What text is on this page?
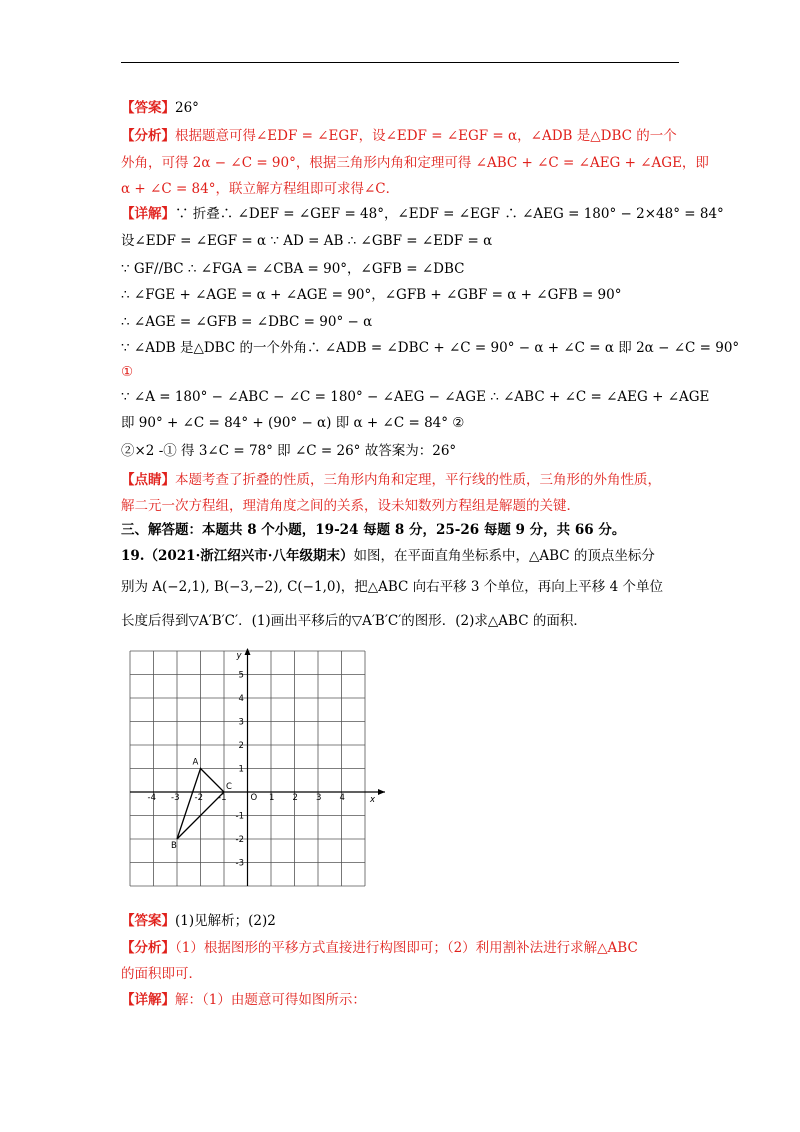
【答案】26°
【分析】根据题意可得∠EDF = ∠EGF，设∠EDF = ∠EGF = α，∠ADB 是△DBC 的一个
外角，可得 2α − ∠C = 90°，根据三角形内角和定理可得 ∠ABC + ∠C = ∠AEG + ∠AGE，即
α + ∠C = 84°，联立解方程组即可求得∠C．
【详解】∵ 折叠∴ ∠DEF = ∠GEF = 48°，∠EDF = ∠EGF ∴ ∠AEG = 180° − 2×48° = 84°
设∠EDF = ∠EGF = α ∵ AD = AB ∴ ∠GBF = ∠EDF = α
∵ GF//BC ∴ ∠FGA = ∠CBA = 90°，∠GFB = ∠DBC
∴ ∠FGE + ∠AGE = α + ∠AGE = 90°，∠GFB + ∠GBF = α + ∠GFB = 90°
∴ ∠AGE = ∠GFB = ∠DBC = 90° − α
∵ ∠ADB 是△DBC 的一个外角∴ ∠ADB = ∠DBC + ∠C = 90° − α + ∠C = α 即 2α − ∠C = 90°
①
∵ ∠A = 180° − ∠ABC − ∠C = 180° − ∠AEG − ∠AGE ∴ ∠ABC + ∠C = ∠AEG + ∠AGE
即 90° + ∠C = 84° + (90° − α) 即 α + ∠C = 84° ②
②×2 -① 得 3∠C = 78° 即 ∠C = 26° 故答案为：26°
【点睛】本题考查了折叠的性质，三角形内角和定理，平行线的性质，三角形的外角性质，
解二元一次方程组，理清角度之间的关系，设未知数列方程组是解题的关键．
三、解答题：本题共 8 个小题，19-24 每题 8 分，25-26 每题 9 分，共 66 分。
19.（2021·浙江绍兴市·八年级期末）如图，在平面直角坐标系中，△ABC 的顶点坐标分
别为 A(−2,1), B(−3,−2), C(−1,0)，把△ABC 向右平移 3 个单位，再向上平移 4 个单位
长度后得到▽A′B′C′．(1)画出平移后的▽A′B′C′的图形．(2)求△ABC 的面积．
x
y
O
-4 -3 -2 -1	1 2 3 4
-3
-2
-1
1
2
3
4
5
A
B
C
【答案】(1)见解析；(2)2
【分析】（1）根据图形的平移方式直接进行构图即可；（2）利用割补法进行求解△ABC
的面积即可．
【详解】解：（1）由题意可得如图所示：
